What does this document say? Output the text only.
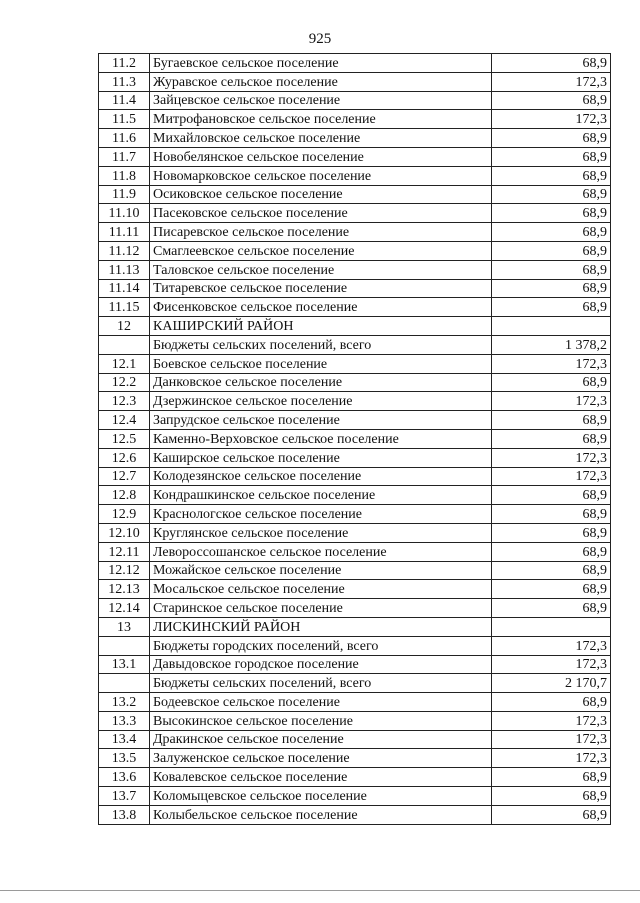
925
11.2	Бугаевское сельское поселение	68,9
11.3	Журавское сельское поселение	172,3
11.4	Зайцевское сельское поселение	68,9
11.5	Митрофановское сельское поселение	172,3
11.6	Михайловское сельское поселение	68,9
11.7	Новобелянское сельское поселение	68,9
11.8	Новомарковское сельское поселение	68,9
11.9	Осиковское сельское поселение	68,9
11.10	Пасековское сельское поселение	68,9
11.11	Писаревское сельское поселение	68,9
11.12	Смаглеевское сельское поселение	68,9
11.13	Таловское сельское поселение	68,9
11.14	Титаревское сельское поселение	68,9
11.15	Фисенковское сельское поселение	68,9
12	КАШИРСКИЙ РАЙОН	
	Бюджеты сельских поселений, всего	1 378,2
12.1	Боевское сельское поселение	172,3
12.2	Данковское сельское поселение	68,9
12.3	Дзержинское сельское поселение	172,3
12.4	Запрудское сельское поселение	68,9
12.5	Каменно-Верховское сельское поселение	68,9
12.6	Каширское сельское поселение	172,3
12.7	Колодезянское сельское поселение	172,3
12.8	Кондрашкинское сельское поселение	68,9
12.9	Краснологское сельское поселение	68,9
12.10	Круглянское сельское поселение	68,9
12.11	Левороссошанское сельское поселение	68,9
12.12	Можайское сельское поселение	68,9
12.13	Мосальское сельское поселение	68,9
12.14	Старинское сельское поселение	68,9
13	ЛИСКИНСКИЙ РАЙОН	
	Бюджеты городских поселений, всего	172,3
13.1	Давыдовское городское поселение	172,3
	Бюджеты сельских поселений, всего	2 170,7
13.2	Бодеевское сельское поселение	68,9
13.3	Высокинское сельское поселение	172,3
13.4	Дракинское сельское поселение	172,3
13.5	Залуженское сельское поселение	172,3
13.6	Ковалевское сельское поселение	68,9
13.7	Коломыцевское сельское поселение	68,9
13.8	Колыбельское сельское поселение	68,9
